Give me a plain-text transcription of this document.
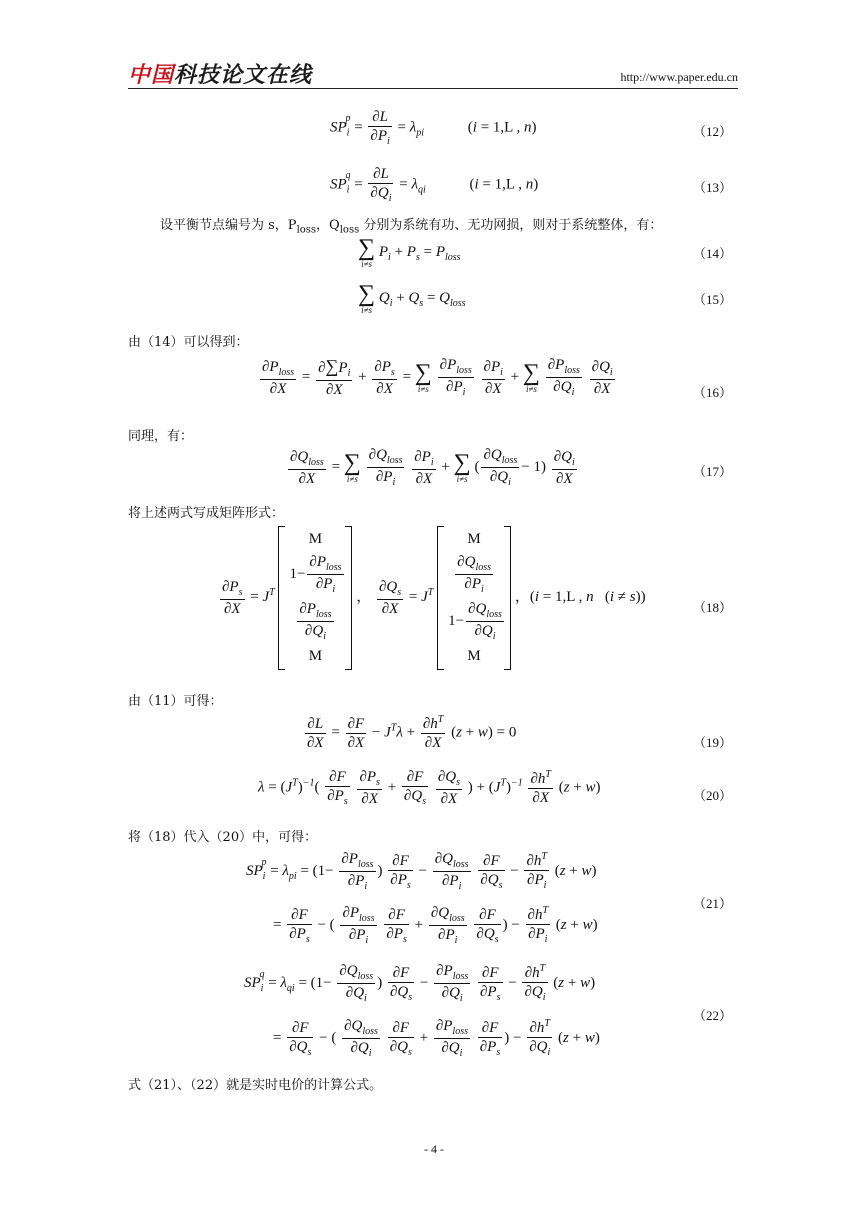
中国科技论文在线	http://www.paper.edu.cn
$SP_i^p = \frac{\partial L}{\partial P_i} = \lambda_{pi}$	(i = 1,L , n)	（12）
$SP_i^q = \frac{\partial L}{\partial Q_i} = \lambda_{qi}$	(i = 1,L , n)	（13）
设平衡节点编号为 s，$P_{loss}$，$Q_{loss}$ 分别为系统有功、无功网损，则对于系统整体，有：
∑
i≠s
$P_i + P_s = P_{loss}$	（14）
∑
i≠s
$Q_i + Q_s = Q_{loss}$	（15）
由（14）可以得到：
$\frac{\partial P_{loss}}{\partial X} = \frac{\partial\sum P_i}{\partial X} + \frac{\partial P_s}{\partial X}$ = ∑
i≠s
$\frac{\partial P_{loss}}{\partial P_i}$
$\frac{\partial P_i}{\partial X}$ + ∑
i≠s
$\frac{\partial P_{loss}}{\partial Q_i}$
$\frac{\partial Q_i}{\partial X}$	（16）
同理，有：
$\frac{\partial Q_{loss}}{\partial X}$ = ∑
i≠s
$\frac{\partial Q_{loss}}{\partial P_i}$
$\frac{\partial P_i}{\partial X}$ + ∑
i≠s
( $\frac{\partial Q_{loss}}{\partial Q_i} - 1) \frac{\partial Q_i}{\partial X}$	（17）
将上述两式写成矩阵形式：
$\frac{\partial P_s}{\partial X} = J^T$
M
$1- \frac{\partial P_{loss}}{\partial P_i}$
$\frac{\partial P_{loss}}{\partial Q_i}$
M
， $\frac{\partial Q_s}{\partial X} = J^T$
M
$\frac{\partial Q_{loss}}{\partial P_i}$
$1- \frac{\partial Q_{loss}}{\partial Q_i}$
M
，(i = 1,L , n   (i ≠ s))
（18）
由（11）可得：
$\frac{\partial L}{\partial X} = \frac{\partial F}{\partial X} - J^T\lambda + \frac{\partial h^T}{\partial X} (z + w) = 0$
（19）
$\lambda = (J^T)^{-1}( \frac{\partial F}{\partial P_s}$
$\frac{\partial P_s}{\partial X} + \frac{\partial F}{\partial Q_s}$
$\frac{\partial Q_s}{\partial X}$ ) + $(J^T)^{-1} \frac{\partial h^T}{\partial X} (z + w)$
（20）
将（18）代入（20）中，可得：
$SP_i^p = \lambda_{pi} = (1- \frac{\partial P_{loss}}{\partial P_i}$ ) $\frac{\partial F}{\partial P_s} - \frac{\partial Q_{loss}}{\partial P_i}$
$\frac{\partial F}{\partial Q_s} - \frac{\partial h^T}{\partial P_i} (z + w)$
= $\frac{\partial F}{\partial P_s}$ − ( $\frac{\partial P_{loss}}{\partial P_i}$
$\frac{\partial F}{\partial P_s} + \frac{\partial Q_{loss}}{\partial P_i}$
$\frac{\partial F}{\partial Q_s}$ ) − $\frac{\partial h^T}{\partial P_i} (z + w)$
（21）
$SP_i^q = \lambda_{qi} = (1- \frac{\partial Q_{loss}}{\partial Q_i}$ ) $\frac{\partial F}{\partial Q_s} - \frac{\partial P_{loss}}{\partial Q_i}$
$\frac{\partial F}{\partial P_s} - \frac{\partial h^T}{\partial Q_i} (z + w)$
= $\frac{\partial F}{\partial Q_s}$ − ( $\frac{\partial Q_{loss}}{\partial Q_i}$
$\frac{\partial F}{\partial Q_s} + \frac{\partial P_{loss}}{\partial Q_i}$
$\frac{\partial F}{\partial P_s}$ ) − $\frac{\partial h^T}{\partial Q_i} (z + w)$
（22）
式（21）、（22）就是实时电价的计算公式。
- 4 -
